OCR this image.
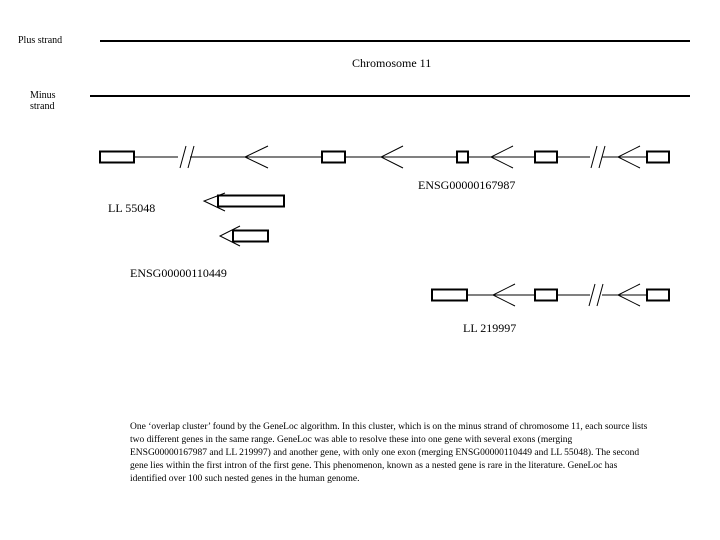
Plus strand
Minus strand
Chromosome 11
ENSG00000167987
LL 55048
ENSG00000110449
LL 219997
One ‘overlap cluster’ found by the GeneLoc algorithm. In this cluster, which is on the minus strand of chromosome 11, each source lists two different genes in the same range. GeneLoc was able to resolve these into one gene with several exons (merging ENSG00000167987 and LL 219997) and another gene, with only one exon (merging ENSG00000110449 and LL 55048). The second gene lies within the first intron of the first gene. This phenomenon, known as a nested gene is rare in the literature. GeneLoc has identified over 100 such nested genes in the human genome.
